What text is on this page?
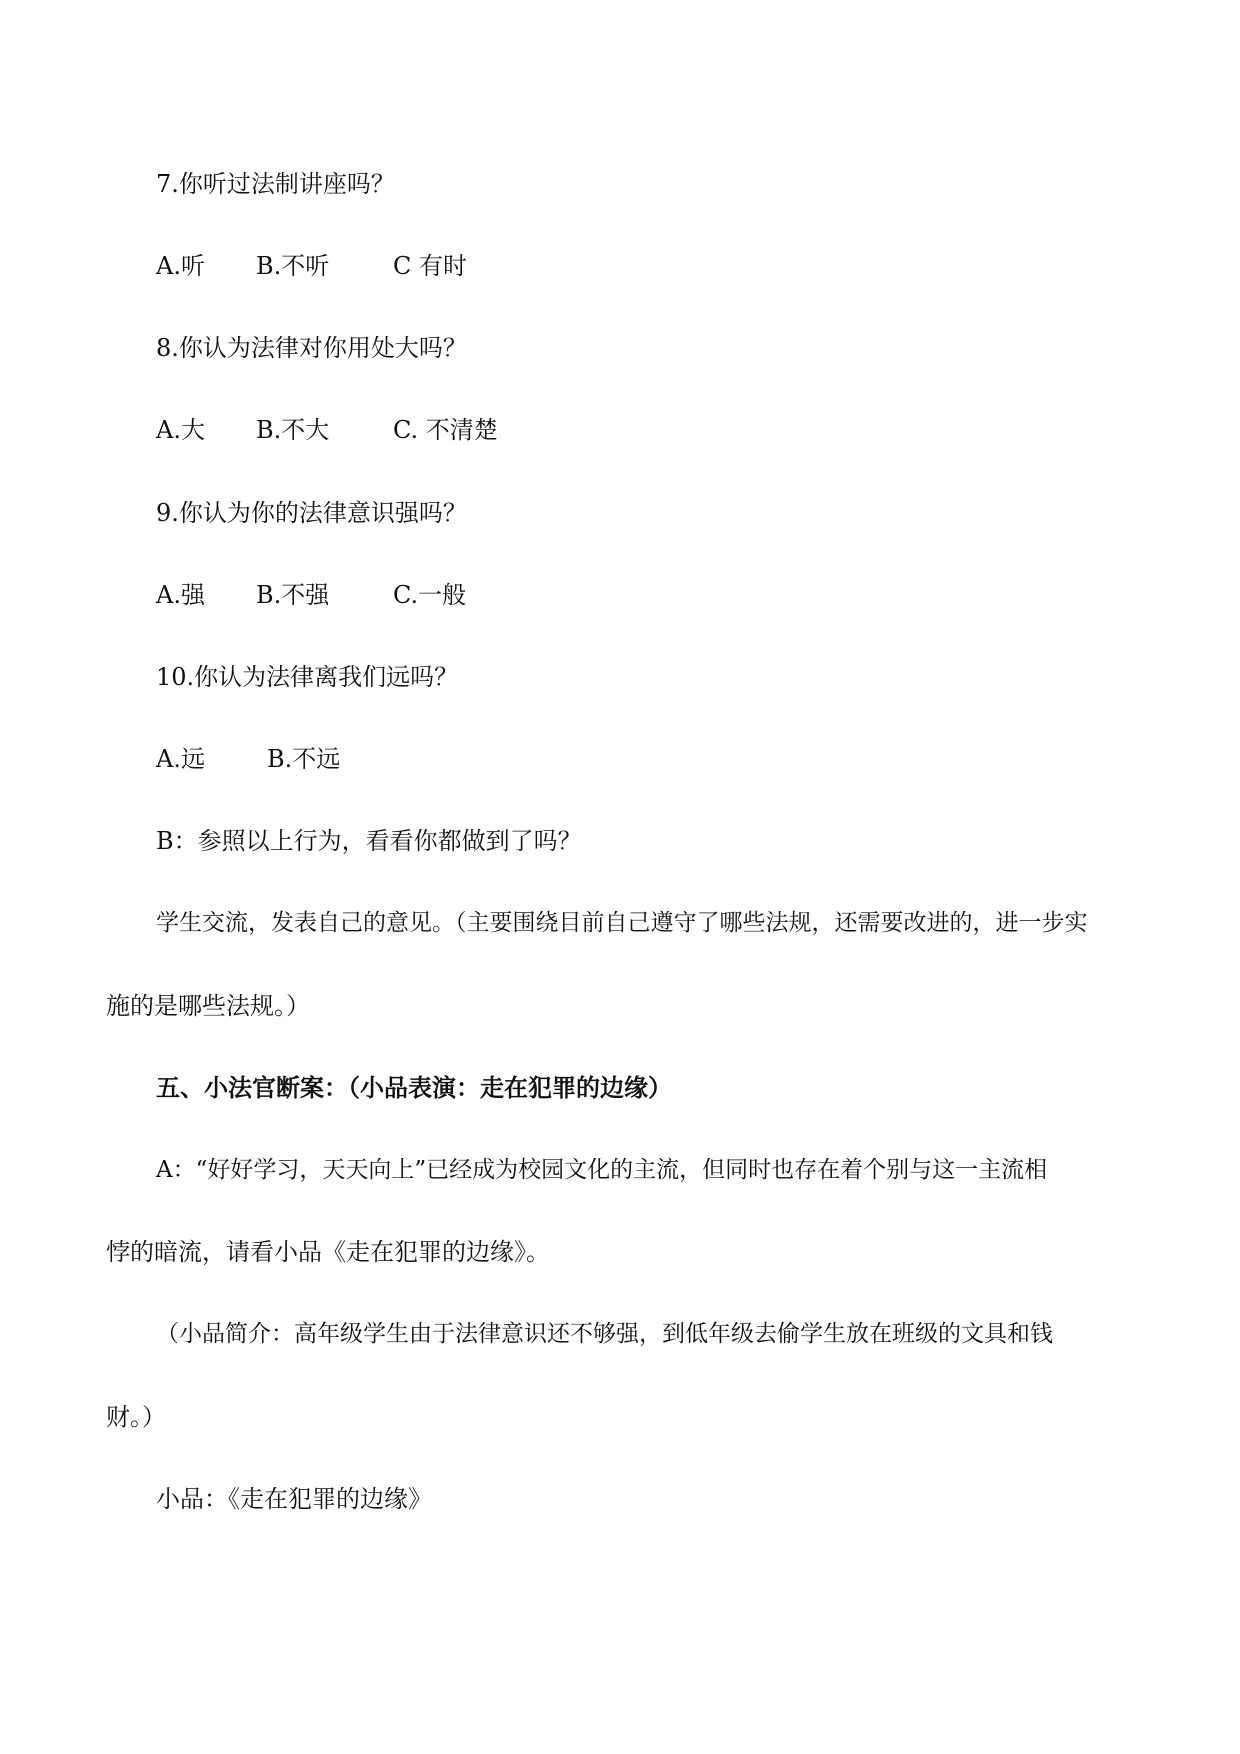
7.你听过法制讲座吗？
A.听 B.不听	C 有时
8.你认为法律对你用处大吗？
A.大 B.不大	C. 不清楚
9.你认为你的法律意识强吗？
A.强 B.不强	C.一般
10.你认为法律离我们远吗？
A.远	B.不远
B：参照以上行为，看看你都做到了吗？
学生交流，发表自己的意见。（主要围绕目前自己遵守了哪些法规，还需要改进的，进一步实
施的是哪些法规。）
五、小法官断案：（小品表演：走在犯罪的边缘）
A：“好好学习，天天向上”已经成为校园文化的主流，但同时也存在着个别与这一主流相
悖的暗流，请看小品《走在犯罪的边缘》。
（小品简介：高年级学生由于法律意识还不够强，到低年级去偷学生放在班级的文具和钱
财。）
小品：《走在犯罪的边缘》
